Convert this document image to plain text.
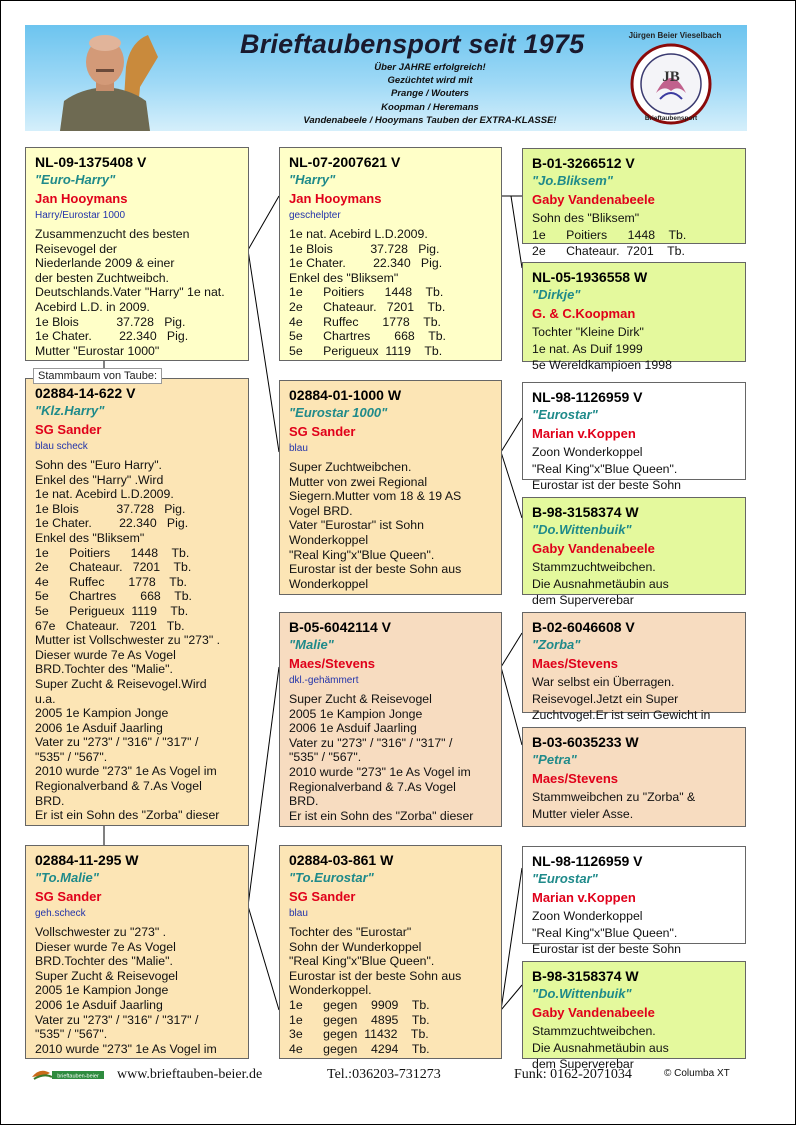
Brieftaubensport seit 1975
Über JAHRE erfolgreich!
Gezüchtet wird mit
Prange / Wouters
Koopman / Heremans
Vandenabeele / Hooymans Tauben der EXTRA-KLASSE!
Jürgen Beier Vieselbach
JB
Brieftaubensport
NL-09-1375408 V
"Euro-Harry"
Jan Hooymans
Harry/Eurostar 1000
Zusammenzucht des besten
Reisevogel der
Niederlande 2009 & einer
der besten Zuchtweibch.
Deutschlands.Vater "Harry" 1e nat.
Acebird L.D. in 2009.
1e Blois           37.728   Pig.
1e Chater.        22.340   Pig.
Mutter "Eurostar 1000"
02884-14-622 V
"Klz.Harry"
SG Sander
blau scheck
Sohn des "Euro Harry".
Enkel des "Harry" .Wird
1e nat. Acebird L.D.2009.
1e Blois           37.728   Pig.
1e Chater.        22.340   Pig.
Enkel des "Bliksem"
1e      Poitiers      1448    Tb.
2e      Chateaur.   7201    Tb.
4e      Ruffec       1778    Tb.
5e      Chartres       668    Tb.
5e      Perigueux  1119    Tb.
67e   Chateaur.   7201   Tb.
Mutter ist Vollschwester zu "273" .
Dieser wurde 7e As Vogel
BRD.Tochter des "Malie".
Super Zucht & Reisevogel.Wird
u.a.
2005 1e Kampion Jonge
2006 1e Asduif Jaarling
Vater zu "273" / "316" / "317" /
"535" / "567".
2010 wurde "273" 1e As Vogel im
Regionalverband & 7.As Vogel
BRD.
Er ist ein Sohn des "Zorba" dieser
Stammbaum von Taube:
02884-11-295 W
"To.Malie"
SG Sander
geh.scheck
Vollschwester zu "273" .
Dieser wurde 7e As Vogel
BRD.Tochter des "Malie".
Super Zucht & Reisevogel
2005 1e Kampion Jonge
2006 1e Asduif Jaarling
Vater zu "273" / "316" / "317" /
"535" / "567".
2010 wurde "273" 1e As Vogel im
NL-07-2007621 V
"Harry"
Jan Hooymans
geschelpter
1e nat. Acebird L.D.2009.
1e Blois           37.728   Pig.
1e Chater.        22.340   Pig.
Enkel des "Bliksem"
1e      Poitiers      1448    Tb.
2e      Chateaur.   7201    Tb.
4e      Ruffec       1778    Tb.
5e      Chartres       668    Tb.
5e      Perigueux  1119    Tb.
02884-01-1000 W
"Eurostar 1000"
SG Sander
blau
Super Zuchtweibchen.
Mutter von zwei Regional
Siegern.Mutter vom 18 & 19 AS
Vogel BRD.
Vater "Eurostar" ist Sohn
Wonderkoppel
"Real King"x"Blue Queen".
Eurostar ist der beste Sohn aus
Wonderkoppel
B-05-6042114 V
"Malie"
Maes/Stevens
dkl.-gehämmert
Super Zucht & Reisevogel
2005 1e Kampion Jonge
2006 1e Asduif Jaarling
Vater zu "273" / "316" / "317" /
"535" / "567".
2010 wurde "273" 1e As Vogel im
Regionalverband & 7.As Vogel
BRD.
Er ist ein Sohn des "Zorba" dieser
02884-03-861 W
"To.Eurostar"
SG Sander
blau
Tochter des "Eurostar"
Sohn der Wunderkoppel
"Real King"x"Blue Queen".
Eurostar ist der beste Sohn aus
Wonderkoppel.
1e      gegen    9909    Tb.
1e      gegen    4895    Tb.
3e      gegen  11432    Tb.
4e      gegen    4294    Tb.
B-01-3266512 V
"Jo.Bliksem"
Gaby Vandenabeele
Sohn des "Bliksem"
1e      Poitiers      1448    Tb.
2e      Chateaur.  7201    Tb.
NL-05-1936558 W
"Dirkje"
G. & C.Koopman
Tochter "Kleine Dirk"
1e nat. As Duif 1999
5e Wereldkampioen 1998
NL-98-1126959 V
"Eurostar"
Marian v.Koppen
Zoon Wonderkoppel
"Real King"x"Blue Queen".
Eurostar ist der beste Sohn
B-98-3158374 W
"Do.Wittenbuik"
Gaby Vandenabeele
Stammzuchtweibchen.
Die Ausnahmetäubin aus
dem Superverebar
B-02-6046608 V
"Zorba"
Maes/Stevens
War selbst ein Überragen.
Reisevogel.Jetzt ein Super
Zuchtvogel.Er ist sein Gewicht in
B-03-6035233 W
"Petra"
Maes/Stevens
Stammweibchen zu "Zorba" &
Mutter vieler Asse.
NL-98-1126959 V
"Eurostar"
Marian v.Koppen
Zoon Wonderkoppel
"Real King"x"Blue Queen".
Eurostar ist der beste Sohn
B-98-3158374 W
"Do.Wittenbuik"
Gaby Vandenabeele
Stammzuchtweibchen.
Die Ausnahmetäubin aus
dem Superverebar
brieftauben-beier www.brieftauben-beier.de	Tel.:036203-731273	Funk: 0162-2071034	© Columba XT
